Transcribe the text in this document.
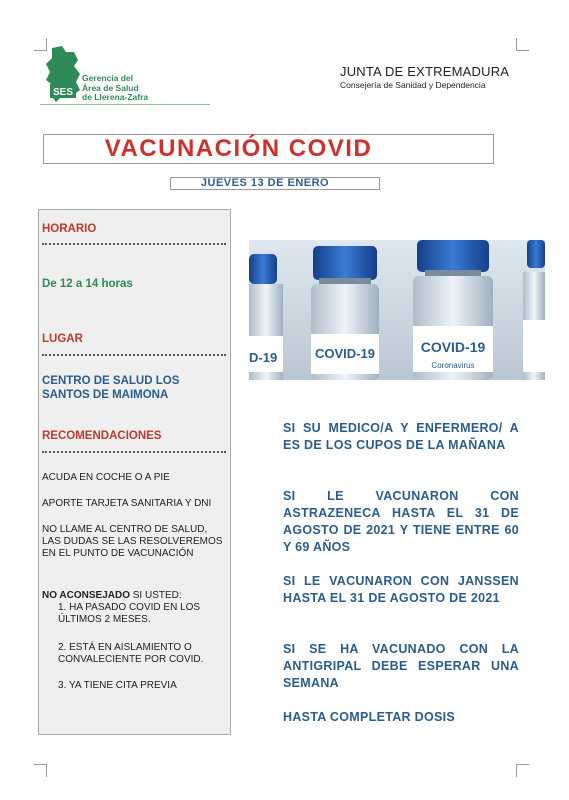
SES
Gerencia del
Área de Salud
de Llerena-Zafra
JUNTA DE EXTREMADURA
Consejería de Sanidad y Dependencia
VACUNACIÓN COVID
JUEVES 13 DE ENERO
HORARIO
De 12 a 14 horas
LUGAR
CENTRO DE SALUD LOS
SANTOS DE MAIMONA
RECOMENDACIONES
ACUDA EN COCHE O A PIE
APORTE TARJETA SANITARIA Y DNI
NO LLAME AL CENTRO DE SALUD, LAS DUDAS SE LAS RESOLVEREMOS EN EL PUNTO DE VACUNACIÓN
NO ACONSEJADO SI USTED:
1. HA PASADO COVID EN LOS ÚLTIMOS 2 MESES.
2. ESTÁ EN AISLAMIENTO O CONVALECIENTE POR COVID.
3. YA TIENE CITA PREVIA
D-19	COVID-19	COVID-19
Coronavirus
SI SU MEDICO/A Y ENFERMERO/ A ES DE LOS CUPOS DE LA MAÑANA
SI LE VACUNARON CON ASTRAZENECA HASTA EL 31 DE AGOSTO DE 2021 Y TIENE ENTRE 60 Y 69 AÑOS
SI LE VACUNARON CON JANSSEN HASTA EL 31 DE AGOSTO DE 2021
SI SE HA VACUNADO CON LA ANTIGRIPAL DEBE ESPERAR UNA SEMANA
HASTA COMPLETAR DOSIS
